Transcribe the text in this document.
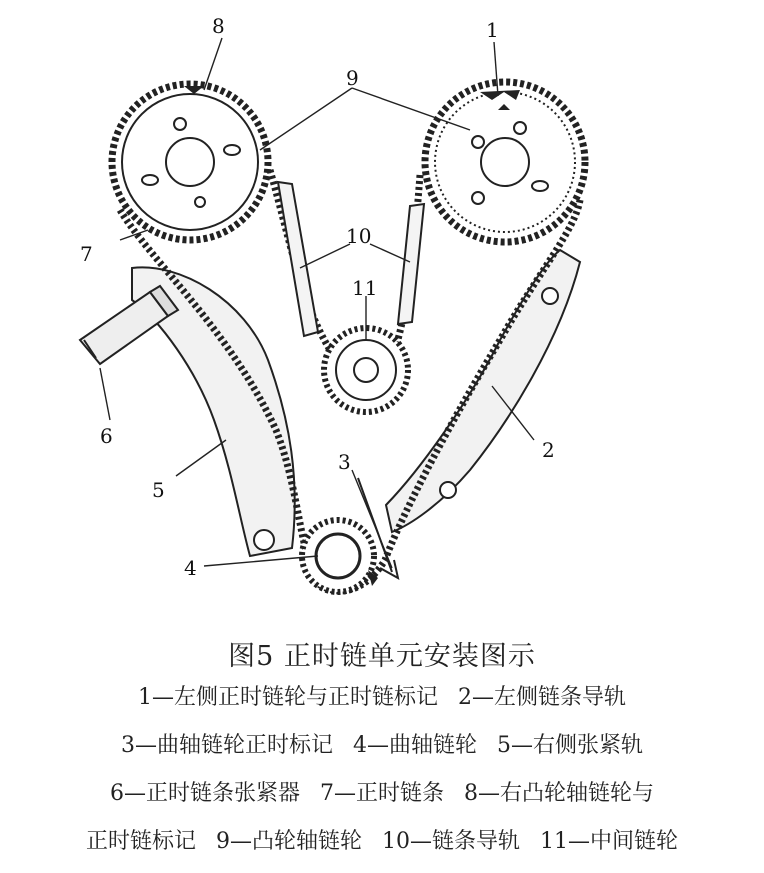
8	1
9
10
11
7
6
5
2
3
4
图5 正时链单元安装图示
1—左侧正时链轮与正时链标记 2—左侧链条导轨
3—曲轴链轮正时标记 4—曲轴链轮 5—右侧张紧轨
6—正时链条张紧器 7—正时链条 8—右凸轮轴链轮与
正时链标记 9—凸轮轴链轮 10—链条导轨 11—中间链轮
